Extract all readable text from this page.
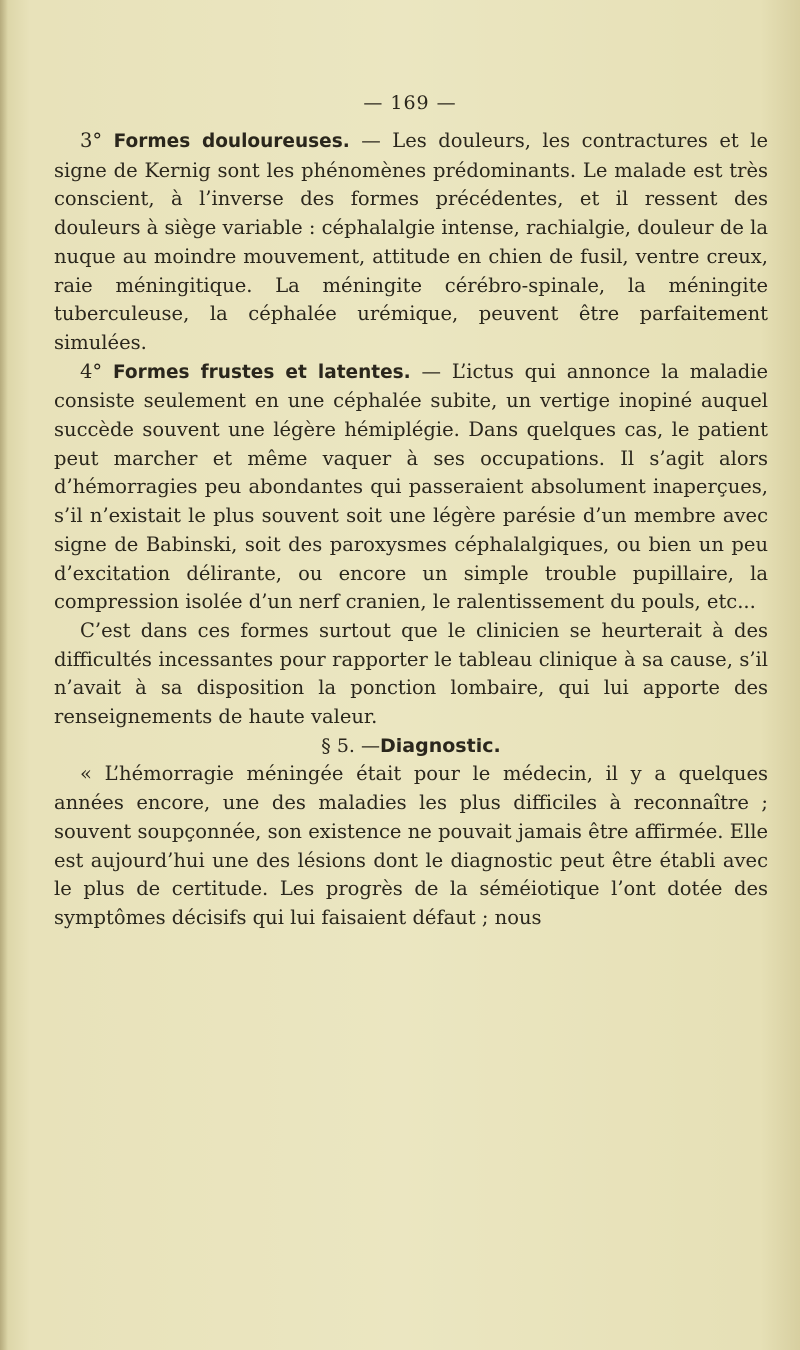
— 169 —

3° Formes douloureuses. — Les douleurs, les contractures et le signe de Kernig sont les phénomènes prédominants. Le malade est très conscient, à l’inverse des formes précédentes, et il ressent des douleurs à siège variable : céphalalgie intense, rachialgie, douleur de la nuque au moindre mouvement, attitude en chien de fusil, ventre creux, raie méningitique. La méningite cérébro-spinale, la méningite tuberculeuse, la céphalée urémique, peuvent être parfaitement simulées.

4° Formes frustes et latentes. — L’ictus qui annonce la maladie consiste seulement en une céphalée subite, un vertige inopiné auquel succède souvent une légère hémiplégie. Dans quelques cas, le patient peut marcher et même vaquer à ses occupations. Il s’agit alors d’hémorragies peu abondantes qui passeraient absolument inaperçues, s’il n’existait le plus souvent soit une légère parésie d’un membre avec signe de Babinski, soit des paroxysmes céphalalgiques, ou bien un peu d’excitation délirante, ou encore un simple trouble pupillaire, la compression isolée d’un nerf cranien, le ralentissement du pouls, etc...

C’est dans ces formes surtout que le clinicien se heurterait à des difficultés incessantes pour rapporter le tableau clinique à sa cause, s’il n’avait à sa disposition la ponction lombaire, qui lui apporte des renseignements de haute valeur.

§ 5. —Diagnostic.

« L’hémorragie méningée était pour le médecin, il y a quelques années encore, une des maladies les plus difficiles à reconnaître ; souvent soupçonnée, son existence ne pouvait jamais être affirmée. Elle est aujourd’hui une des lésions dont le diagnostic peut être établi avec le plus de certitude. Les progrès de la séméiotique l’ont dotée des symptômes décisifs qui lui faisaient défaut ; nous
